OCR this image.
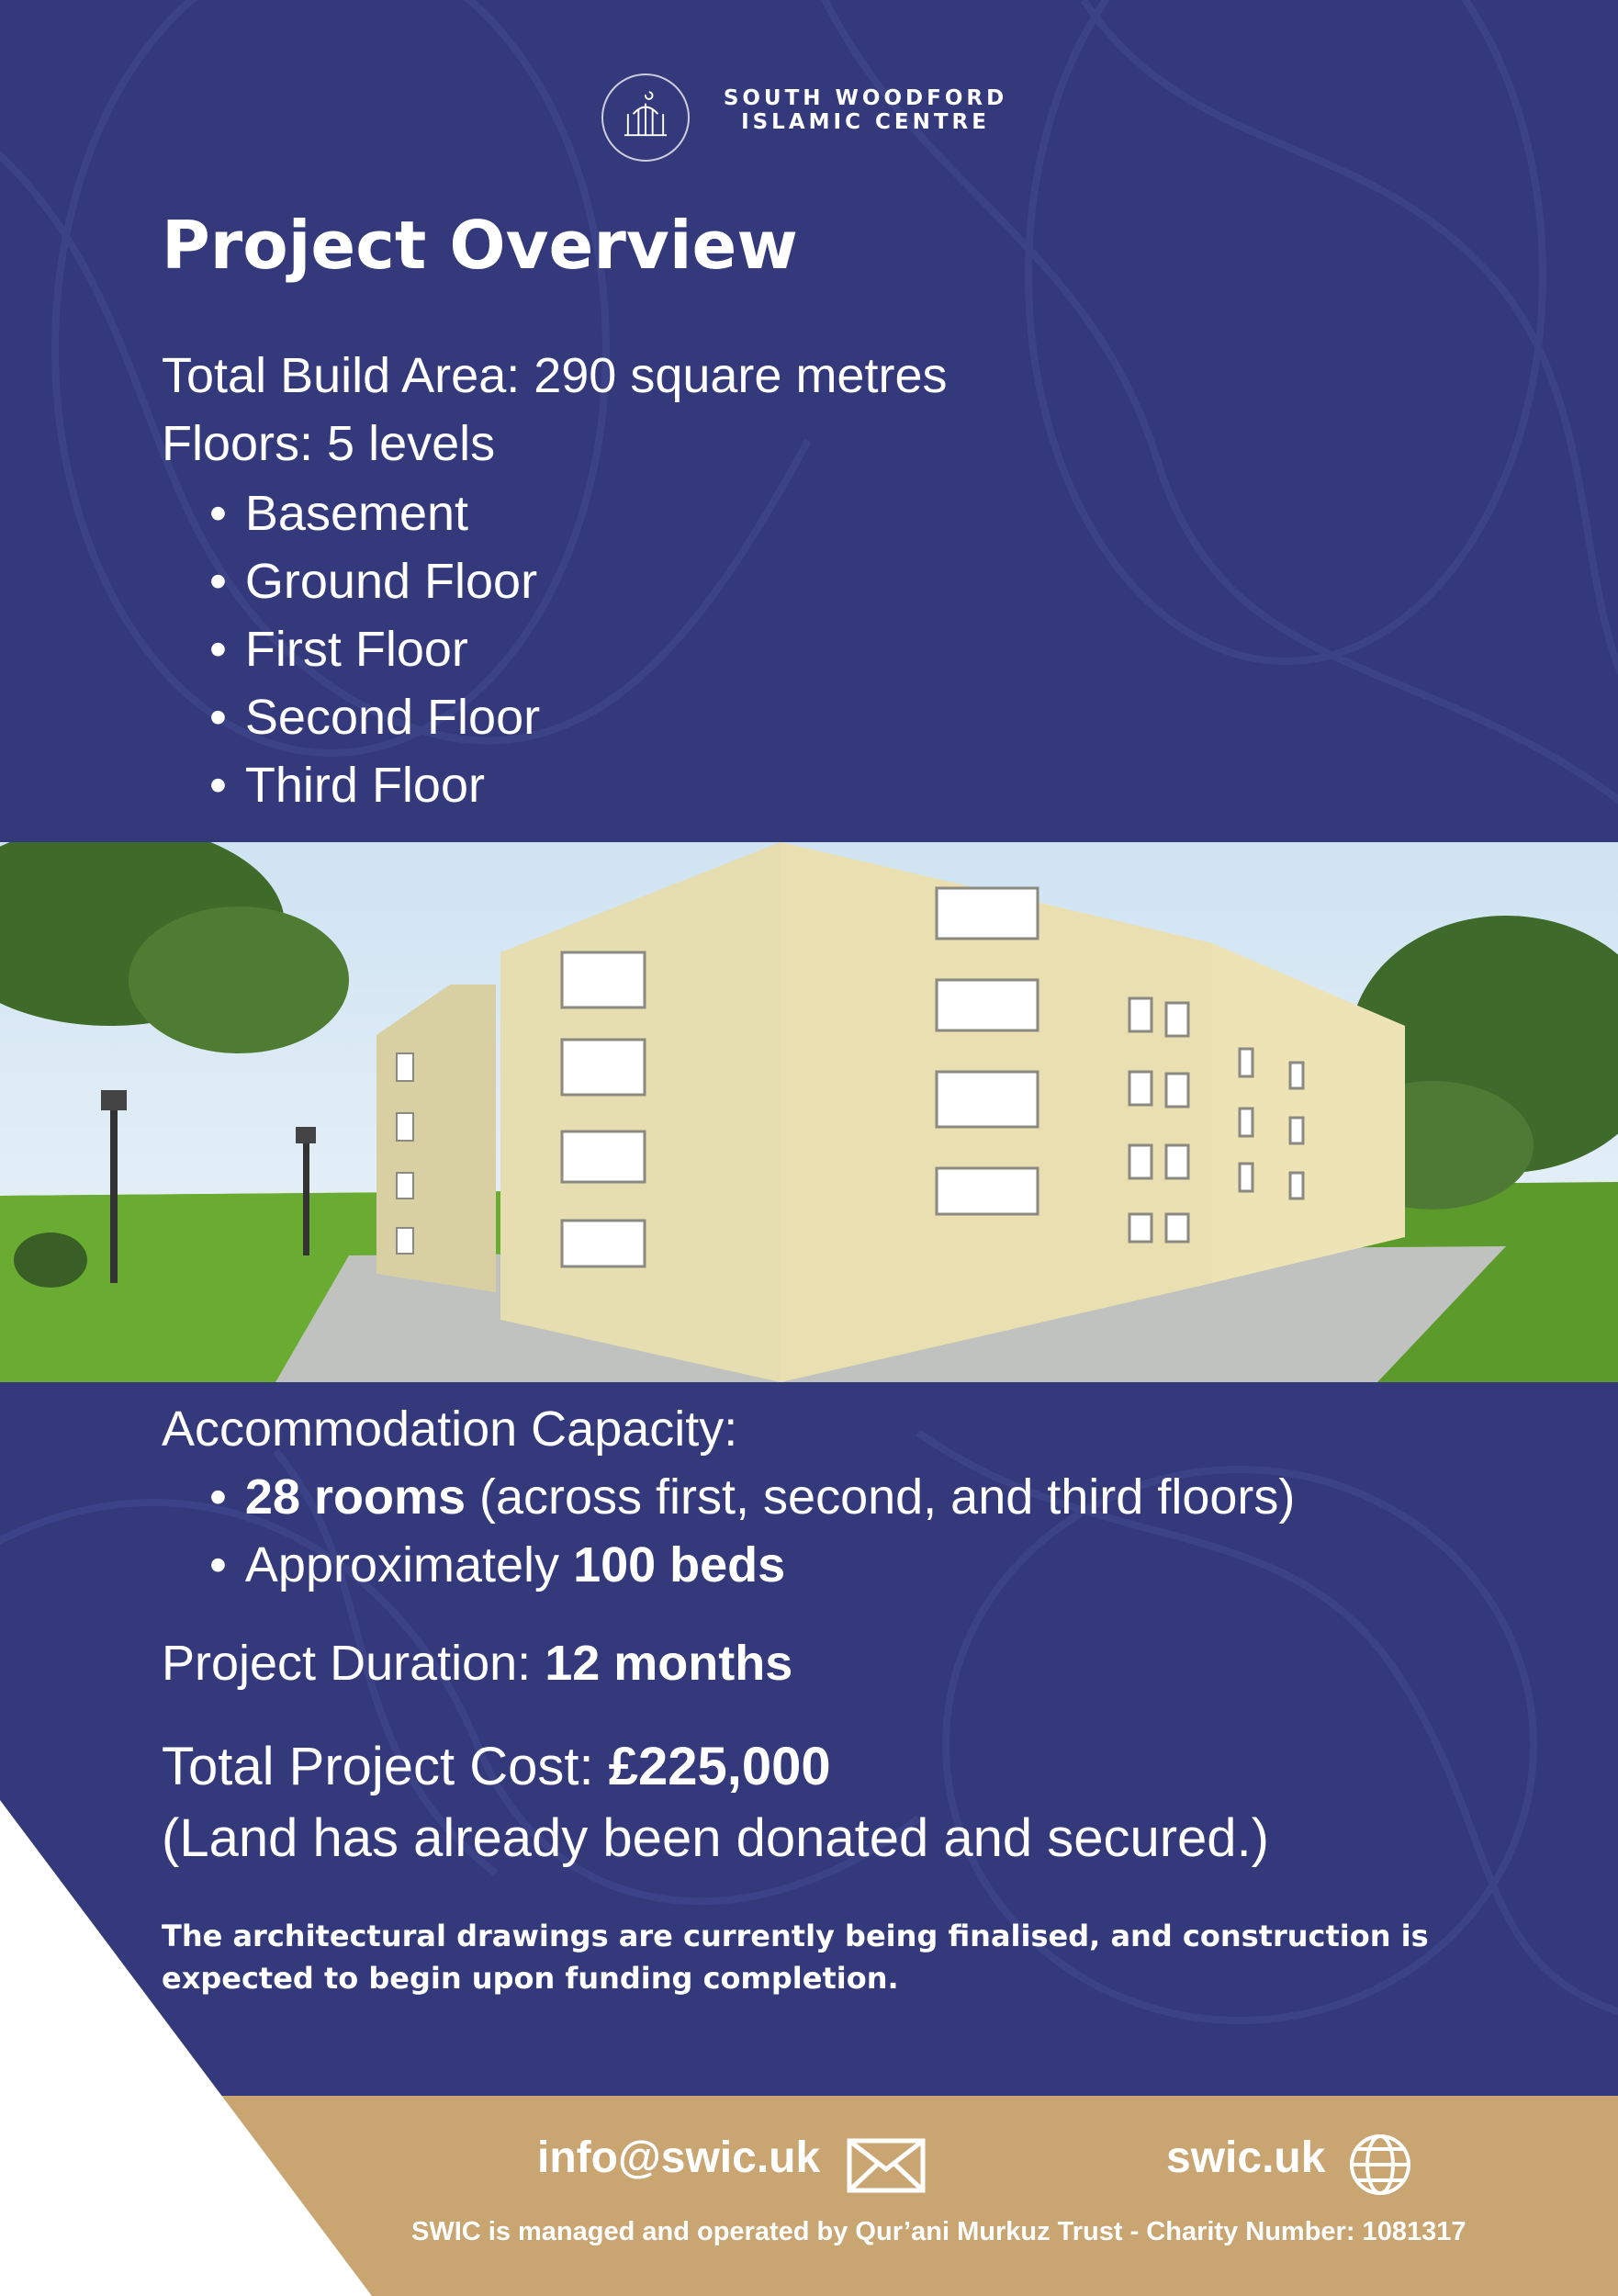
SOUTH WOODFORD
ISLAMIC CENTRE
Project Overview
Total Build Area: 290 square metres
Floors: 5 levels
• Basement
• Ground Floor
• First Floor
• Second Floor
• Third Floor
Accommodation Capacity:
• 28 rooms (across first, second, and third floors)
• Approximately 100 beds
Project Duration: 12 months
Total Project Cost: £225,000
(Land has already been donated and secured.)

The architectural drawings are currently being finalised, and construction is expected to begin upon funding completion.

info@swic.uk	swic.uk
SWIC is managed and operated by Qur’ani Murkuz Trust - Charity Number: 1081317
